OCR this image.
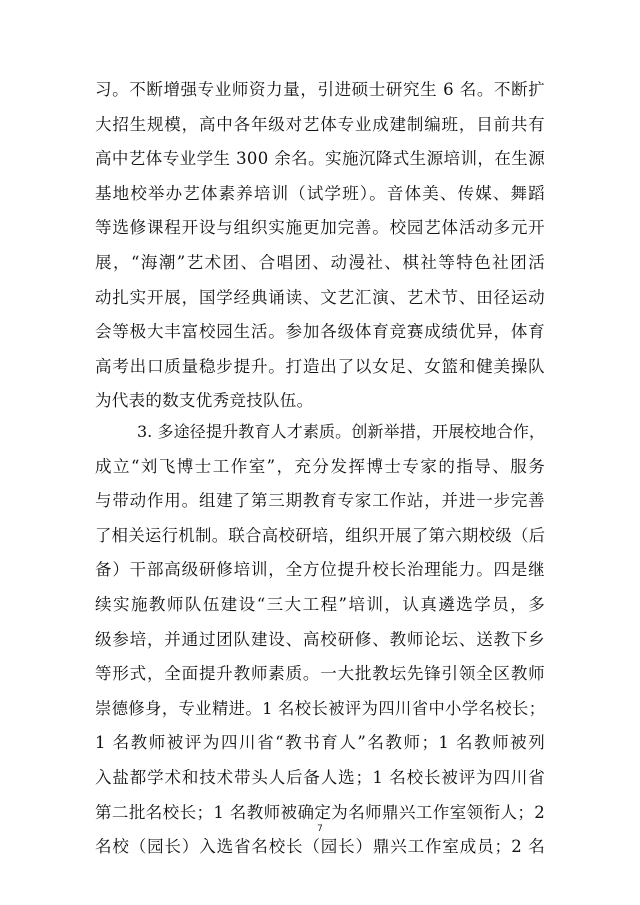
习。不断增强专业师资力量，引进硕士研究生 6 名。不断扩
大招生规模，高中各年级对艺体专业成建制编班，目前共有
高中艺体专业学生 300 余名。实施沉降式生源培训，在生源
基地校举办艺体素养培训（试学班）。音体美、传媒、舞蹈
等选修课程开设与组织实施更加完善。校园艺体活动多元开
展，“海潮”艺术团、合唱团、动漫社、棋社等特色社团活
动扎实开展，国学经典诵读、文艺汇演、艺术节、田径运动
会等极大丰富校园生活。参加各级体育竞赛成绩优异，体育
高考出口质量稳步提升。打造出了以女足、女篮和健美操队
为代表的数支优秀竞技队伍。
3. 多途径提升教育人才素质。创新举措，开展校地合作，
成立“刘飞博士工作室”，充分发挥博士专家的指导、服务
与带动作用。组建了第三期教育专家工作站，并进一步完善
了相关运行机制。联合高校研培，组织开展了第六期校级（后
备）干部高级研修培训，全方位提升校长治理能力。四是继
续实施教师队伍建设“三大工程”培训，认真遴选学员，多
级参培，并通过团队建设、高校研修、教师论坛、送教下乡
等形式，全面提升教师素质。一大批教坛先锋引领全区教师
崇德修身，专业精进。1 名校长被评为四川省中小学名校长；
1 名教师被评为四川省“教书育人”名教师；1 名教师被列
入盐都学术和技术带头人后备人选；1 名校长被评为四川省
第二批名校长；1 名教师被确定为名师鼎兴工作室领衔人；2
名校（园长）入选省名校长（园长）鼎兴工作室成员；2 名
7
